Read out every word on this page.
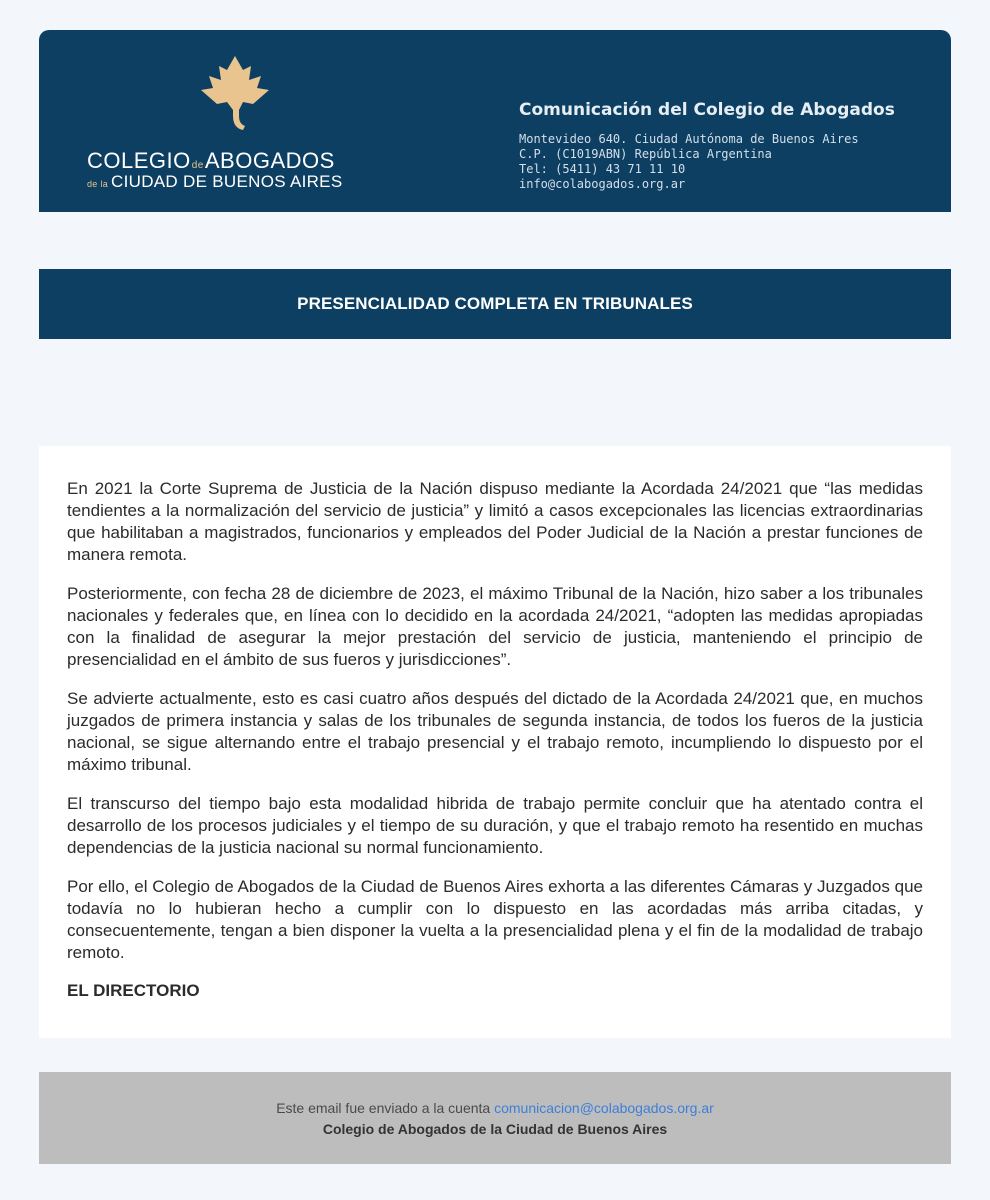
COLEGIOdeABOGADOS
de la CIUDAD DE BUENOS AIRES
Comunicación del Colegio de Abogados
Montevideo 640. Ciudad Autónoma de Buenos Aires
C.P. (C1019ABN) República Argentina
Tel: (5411) 43 71 11 10
info@colabogados.org.ar
PRESENCIALIDAD COMPLETA EN TRIBUNALES

En 2021 la Corte Suprema de Justicia de la Nación dispuso mediante la Acordada 24/2021 que “las medidas tendientes a la normalización del servicio de justicia” y limitó a casos excepcionales las licencias extraordinarias que habilitaban a magistrados, funcionarios y empleados del Poder Judicial de la Nación a prestar funciones de manera remota.

Posteriormente, con fecha 28 de diciembre de 2023, el máximo Tribunal de la Nación, hizo saber a los tribunales nacionales y federales que, en línea con lo decidido en la acordada 24/2021, “adopten las medidas apropiadas con la finalidad de asegurar la mejor prestación del servicio de justicia, manteniendo el principio de presencialidad en el ámbito de sus fueros y jurisdicciones”.

Se advierte actualmente, esto es casi cuatro años después del dictado de la Acordada 24/2021 que, en muchos juzgados de primera instancia y salas de los tribunales de segunda instancia, de todos los fueros de la justicia nacional, se sigue alternando entre el trabajo presencial y el trabajo remoto, incumpliendo lo dispuesto por el máximo tribunal.

El transcurso del tiempo bajo esta modalidad hibrida de trabajo permite concluir que ha atentado contra el desarrollo de los procesos judiciales y el tiempo de su duración, y que el trabajo remoto ha resentido en muchas dependencias de la justicia nacional su normal funcionamiento.

Por ello, el Colegio de Abogados de la Ciudad de Buenos Aires exhorta a las diferentes Cámaras y Juzgados que todavía no lo hubieran hecho a cumplir con lo dispuesto en las acordadas más arriba citadas, y consecuentemente, tengan a bien disponer la vuelta a la presencialidad plena y el fin de la modalidad de trabajo remoto.

EL DIRECTORIO
Este email fue enviado a la cuenta comunicacion@colabogados.org.ar
Colegio de Abogados de la Ciudad de Buenos Aires
